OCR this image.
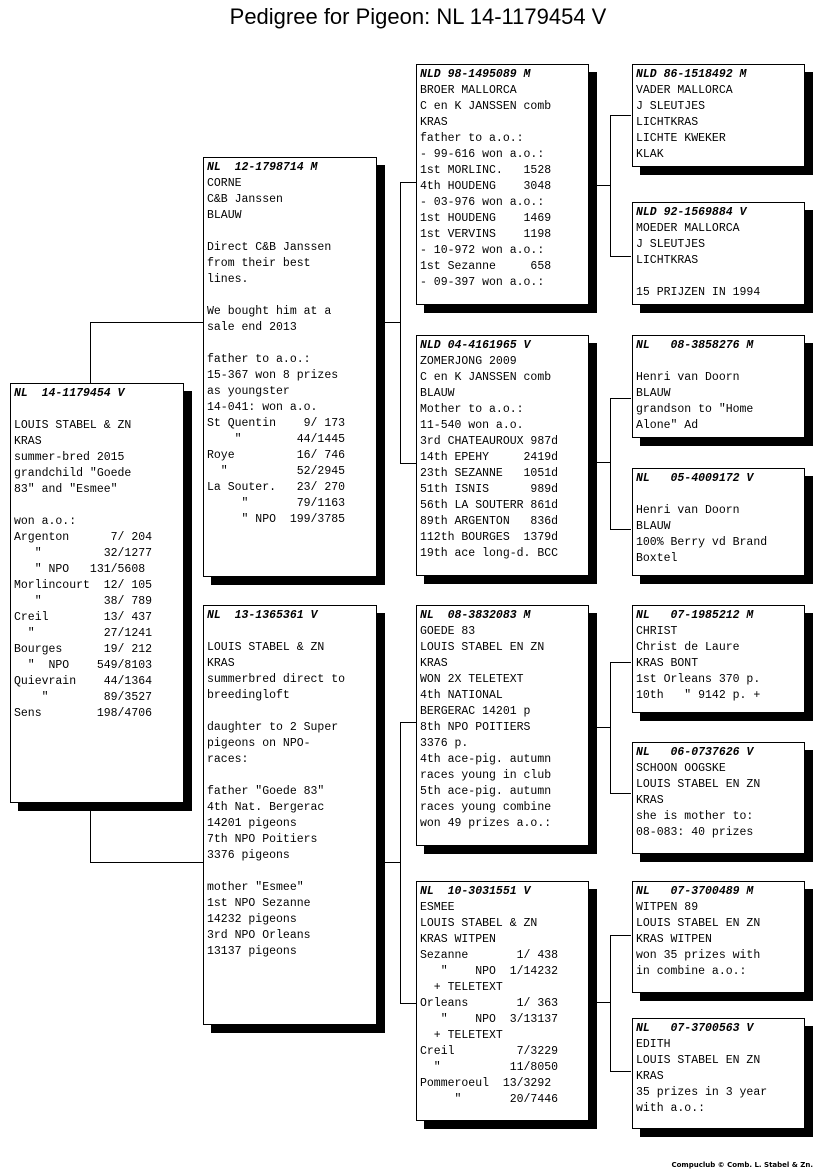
Pedigree for Pigeon: NL 14-1179454 V
NL  14-1179454 V
LOUIS STABEL & ZN
KRAS
summer-bred 2015
grandchild "Goede
83" and "Esmee"
won a.o.:
Argenton      7/ 204
"         32/1277
" NPO   131/5608
Morlincourt  12/ 105
"         38/ 789
Creil        13/ 437
"          27/1241
Bourges      19/ 212
"  NPO    549/8103
Quievrain    44/1364
"        89/3527
Sens        198/4706
NL  12-1798714 M
CORNE
C&B Janssen
BLAUW
Direct C&B Janssen
from their best
lines.
We bought him at a
sale end 2013
father to a.o.:
15-367 won 8 prizes
as youngster
14-041: won a.o.
St Quentin    9/ 173
"        44/1445
Roye         16/ 746
"          52/2945
La Souter.   23/ 270
"       79/1163
" NPO  199/3785
NL  13-1365361 V
LOUIS STABEL & ZN
KRAS
summerbred direct to
breedingloft
daughter to 2 Super
pigeons on NPO-
races:
father "Goede 83"
4th Nat. Bergerac
14201 pigeons
7th NPO Poitiers
3376 pigeons
mother "Esmee"
1st NPO Sezanne
14232 pigeons
3rd NPO Orleans
13137 pigeons
NLD 98-1495089 M
BROER MALLORCA
C en K JANSSEN comb
KRAS
father to a.o.:
- 99-616 won a.o.:
1st MORLINC.   1528
4th HOUDENG    3048
- 03-976 won a.o.:
1st HOUDENG    1469
1st VERVINS    1198
- 10-972 won a.o.:
1st Sezanne     658
- 09-397 won a.o.:
NLD 04-4161965 V
ZOMERJONG 2009
C en K JANSSEN comb
BLAUW
Mother to a.o.:
11-540 won a.o.
3rd CHATEAUROUX 987d
14th EPEHY     2419d
23th SEZANNE   1051d
51th ISNIS      989d
56th LA SOUTERR 861d
89th ARGENTON   836d
112th BOURGES  1379d
19th ace long-d. BCC
NL  08-3832083 M
GOEDE 83
LOUIS STABEL EN ZN
KRAS
WON 2X TELETEXT
4th NATIONAL
BERGERAC 14201 p
8th NPO POITIERS
3376 p.
4th ace-pig. autumn
races young in club
5th ace-pig. autumn
races young combine
won 49 prizes a.o.:
NL  10-3031551 V
ESMEE
LOUIS STABEL & ZN
KRAS WITPEN
Sezanne       1/ 438
"    NPO  1/14232
+ TELETEXT
Orleans       1/ 363
"    NPO  3/13137
+ TELETEXT
Creil         7/3229
"          11/8050
Pommeroeul  13/3292
"       20/7446
NLD 86-1518492 M
VADER MALLORCA
J SLEUTJES
LICHTKRAS
LICHTE KWEKER
KLAK
NLD 92-1569884 V
MOEDER MALLORCA
J SLEUTJES
LICHTKRAS
15 PRIJZEN IN 1994
NL   08-3858276 M
Henri van Doorn
BLAUW
grandson to "Home
Alone" Ad
NL   05-4009172 V
Henri van Doorn
BLAUW
100% Berry vd Brand
Boxtel
NL   07-1985212 M
CHRIST
Christ de Laure
KRAS BONT
1st Orleans 370 p.
10th   " 9142 p. +
NL   06-0737626 V
SCHOON OOGSKE
LOUIS STABEL EN ZN
KRAS
she is mother to:
08-083: 40 prizes
NL   07-3700489 M
WITPEN 89
LOUIS STABEL EN ZN
KRAS WITPEN
won 35 prizes with
in combine a.o.:
NL   07-3700563 V
EDITH
LOUIS STABEL EN ZN
KRAS
35 prizes in 3 year
with a.o.:
Compuclub © Comb. L. Stabel & Zn.
